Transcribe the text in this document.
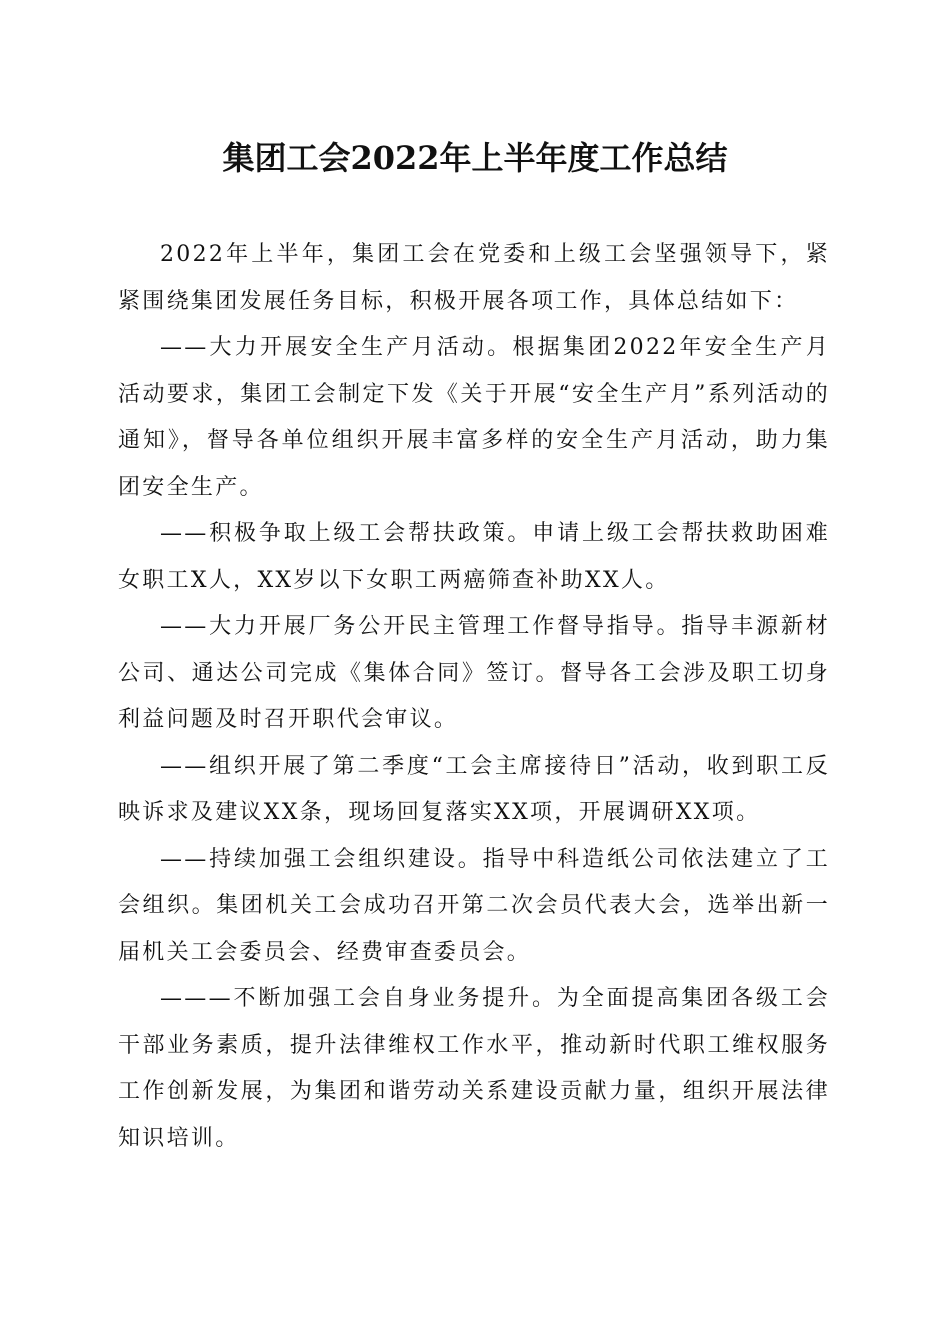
集团工会2022年上半年度工作总结

2022年上半年，集团工会在党委和上级工会坚强领导下，紧紧围绕集团发展任务目标，积极开展各项工作，具体总结如下：

——大力开展安全生产月活动。根据集团2022年安全生产月活动要求，集团工会制定下发《关于开展“安全生产月”系列活动的通知》，督导各单位组织开展丰富多样的安全生产月活动，助力集团安全生产。

——积极争取上级工会帮扶政策。申请上级工会帮扶救助困难女职工X人，XX岁以下女职工两癌筛查补助XX人。

——大力开展厂务公开民主管理工作督导指导。指导丰源新材公司、通达公司完成《集体合同》签订。督导各工会涉及职工切身利益问题及时召开职代会审议。

——组织开展了第二季度“工会主席接待日”活动，收到职工反映诉求及建议XX条，现场回复落实XX项，开展调研XX项。

——持续加强工会组织建设。指导中科造纸公司依法建立了工会组织。集团机关工会成功召开第二次会员代表大会，选举出新一届机关工会委员会、经费审查委员会。

———不断加强工会自身业务提升。为全面提高集团各级工会干部业务素质，提升法律维权工作水平，推动新时代职工维权服务工作创新发展，为集团和谐劳动关系建设贡献力量，组织开展法律知识培训。
